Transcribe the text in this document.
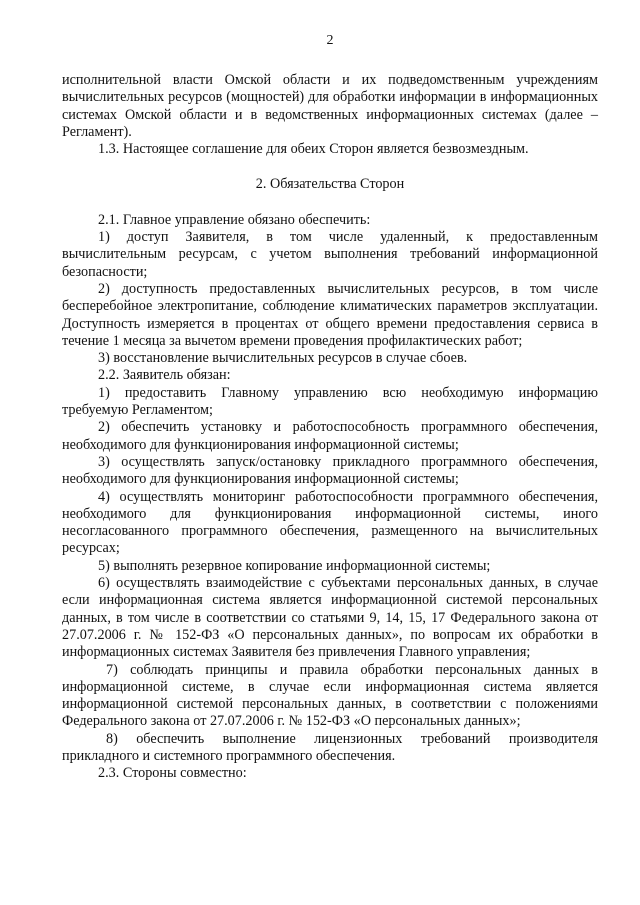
2

исполнительной власти Омской области и их подведомственным учреждениям вычислительных ресурсов (мощностей) для обработки информации в информационных системах Омской области и в ведомственных информационных системах (далее – Регламент).

1.3. Настоящее соглашение для обеих Сторон является безвозмездным.

2. Обязательства Сторон

2.1. Главное управление обязано обеспечить:

1) доступ Заявителя, в том числе удаленный, к предоставленным вычислительным ресурсам, с учетом выполнения требований информационной безопасности;

2) доступность предоставленных вычислительных ресурсов, в том числе бесперебойное электропитание, соблюдение климатических параметров эксплуатации. Доступность измеряется в процентах от общего времени предоставления сервиса в течение 1 месяца за вычетом времени проведения профилактических работ;

3) восстановление вычислительных ресурсов в случае сбоев.

2.2. Заявитель обязан:

1) предоставить Главному управлению всю необходимую информацию требуемую Регламентом;

2) обеспечить установку и работоспособность программного обеспечения, необходимого для функционирования информационной системы;

3) осуществлять запуск/остановку прикладного программного обеспечения, необходимого для функционирования информационной системы;

4) осуществлять мониторинг работоспособности программного обеспечения, необходимого для функционирования информационной системы, иного несогласованного программного обеспечения, размещенного на вычислительных ресурсах;

5) выполнять резервное копирование информационной системы;

6) осуществлять взаимодействие с субъектами персональных данных, в случае если информационная система является информационной системой персональных данных, в том числе в соответствии со статьями 9, 14, 15, 17 Федерального закона от 27.07.2006 г. № 152-ФЗ «О персональных данных», по вопросам их обработки в информационных системах Заявителя без привлечения Главного управления;

7) соблюдать принципы и правила обработки персональных данных в информационной системе, в случае если информационная система является информационной системой персональных данных, в соответствии с положениями Федерального закона от 27.07.2006 г. № 152-ФЗ «О персональных данных»;

8) обеспечить выполнение лицензионных требований производителя прикладного и системного программного обеспечения.

2.3. Стороны совместно:
